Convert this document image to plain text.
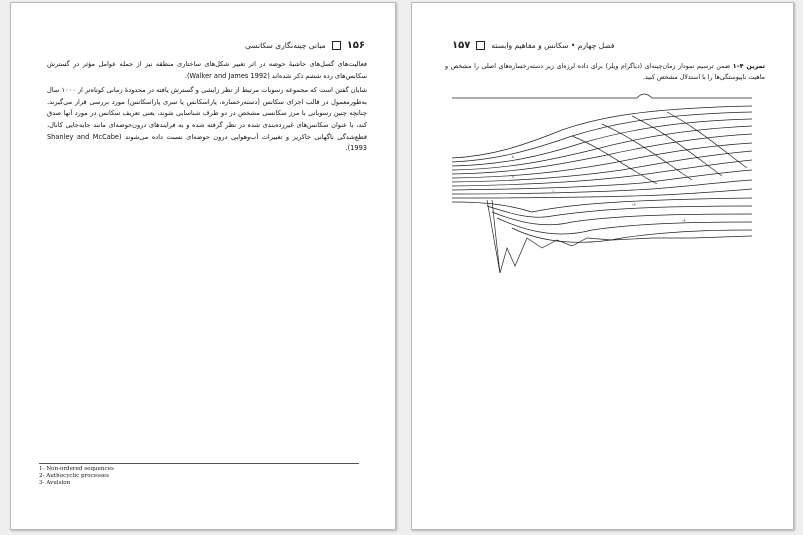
مبانی چینه‌نگاری سکانسی ۱۵۶

فعالیت‌های گسل‌های حاشیهٔ حوضه در اثر تغییر شکل‌های ساختاری منطقه نیز از جمله عوامل مؤثر در گسترش سکانس‌های رده ششم ذکر شده‌اند (Walker and James 1992).

شایان گفتن است که مجموعه رسوبات مرتبط از نظر زایشی و گسترش یافته در محدودهٔ زمانی کوتاه‌تر از ۱۰۰۰ سال به‌طورمعمول در قالب اجزای سکانس (دسته‌رخساره، پاراسکانس یا سری پاراسکانس) مورد بررسی قرار می‌گیرند. چنانچه چنین رسوباتی با مرز سکانسی مشخص در دو طرف شناسایی شوند، یعنی تعریف سکانس در مورد آنها صدق کند، با عنوان سکانس‌های غیررده‌بندی شده در نظر گرفته شده و به فرایندهای درون‌حوضه‌ای مانند جابه‌جایی کانال، قطع‌شدگی ناگهانی خاکریز و تغییرات آب‌وهوایی درون حوضه‌ای نسبت داده می‌شوند (Shanley and McCabe 1993).

1- Non-ordered sequences
2- Authocyclic processes
3- Avulsion
۱۵۷	فصل چهارم • سکانس و مفاهیم وابسته
تمرین ۴–۱ ضمن ترسیم نمودار زمان‌چینه‌ای (دیاگرام ویلر) برای داده لرزه‌ای زیر دسته‌رخساره‌های اصلی را مشخص و ماهیت ناپیوستگی‌ها را با استدلال مشخص کنید.
٥
۸
۱۰
۱۲
۱۴
